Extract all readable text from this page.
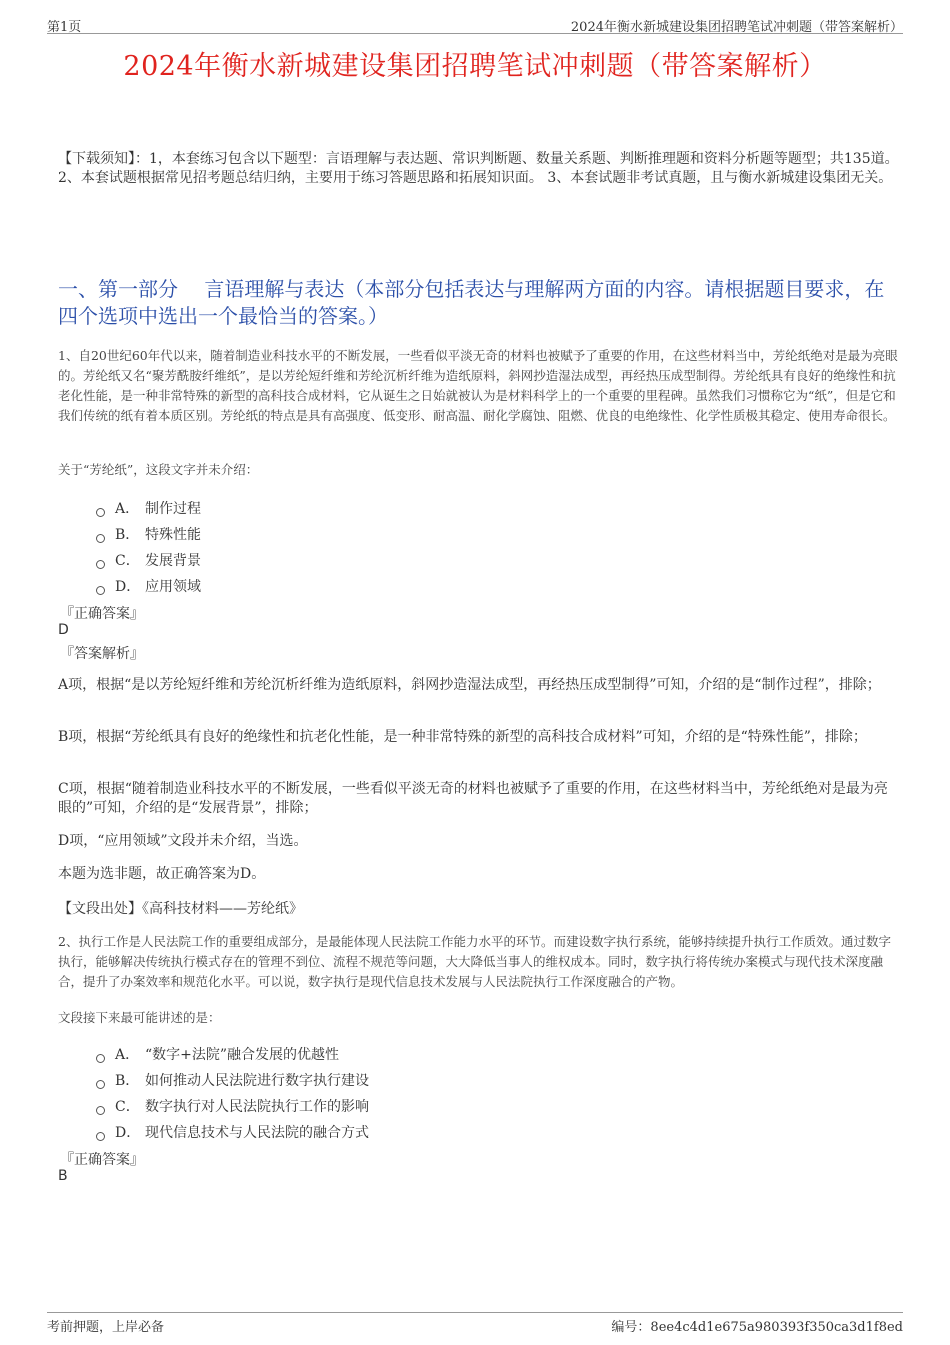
第1页	2024年衡水新城建设集团招聘笔试冲刺题（带答案解析）
2024年衡水新城建设集团招聘笔试冲刺题（带答案解析）
【下载须知】：1，本套练习包含以下题型：言语理解与表达题、常识判断题、数量关系题、判断推理题和资料分析题等题型；共135道。 2、本套试题根据常见招考题总结归纳，主要用于练习答题思路和拓展知识面。 3、本套试题非考试真题，且与衡水新城建设集团无关。
一、第一部分　 言语理解与表达（本部分包括表达与理解两方面的内容。请根据题目要求，在四个选项中选出一个最恰当的答案。）
1、自20世纪60年代以来，随着制造业科技水平的不断发展，一些看似平淡无奇的材料也被赋予了重要的作用，在这些材料当中，芳纶纸绝对是最为亮眼的。芳纶纸又名“聚芳酰胺纤维纸”，是以芳纶短纤维和芳纶沉析纤维为造纸原料，斜网抄造湿法成型，再经热压成型制得。芳纶纸具有良好的绝缘性和抗老化性能，是一种非常特殊的新型的高科技合成材料，它从诞生之日始就被认为是材料科学上的一个重要的里程碑。虽然我们习惯称它为“纸”，但是它和我们传统的纸有着本质区别。芳纶纸的特点是具有高强度、低变形、耐高温、耐化学腐蚀、阻燃、优良的电绝缘性、化学性质极其稳定、使用寿命很长。
关于“芳纶纸”，这段文字并未介绍：
A． 制作过程
B． 特殊性能
C． 发展背景
D． 应用领域
『正确答案』
D
『答案解析』
A项，根据“是以芳纶短纤维和芳纶沉析纤维为造纸原料，斜网抄造湿法成型，再经热压成型制得”可知，介绍的是“制作过程”，排除；
B项，根据“芳纶纸具有良好的绝缘性和抗老化性能，是一种非常特殊的新型的高科技合成材料”可知，介绍的是“特殊性能”，排除；
C项，根据“随着制造业科技水平的不断发展，一些看似平淡无奇的材料也被赋予了重要的作用，在这些材料当中，芳纶纸绝对是最为亮眼的”可知，介绍的是“发展背景”，排除；
D项，“应用领域”文段并未介绍，当选。
本题为选非题，故正确答案为D。
【文段出处】《高科技材料——芳纶纸》
2、执行工作是人民法院工作的重要组成部分，是最能体现人民法院工作能力水平的环节。而建设数字执行系统，能够持续提升执行工作质效。通过数字执行，能够解决传统执行模式存在的管理不到位、流程不规范等问题，大大降低当事人的维权成本。同时，数字执行将传统办案模式与现代技术深度融合，提升了办案效率和规范化水平。可以说，数字执行是现代信息技术发展与人民法院执行工作深度融合的产物。
文段接下来最可能讲述的是：
A． “数字+法院”融合发展的优越性
B． 如何推动人民法院进行数字执行建设
C． 数字执行对人民法院执行工作的影响
D． 现代信息技术与人民法院的融合方式
『正确答案』
B
考前押题，上岸必备	编号：8ee4c4d1e675a980393f350ca3d1f8ed
